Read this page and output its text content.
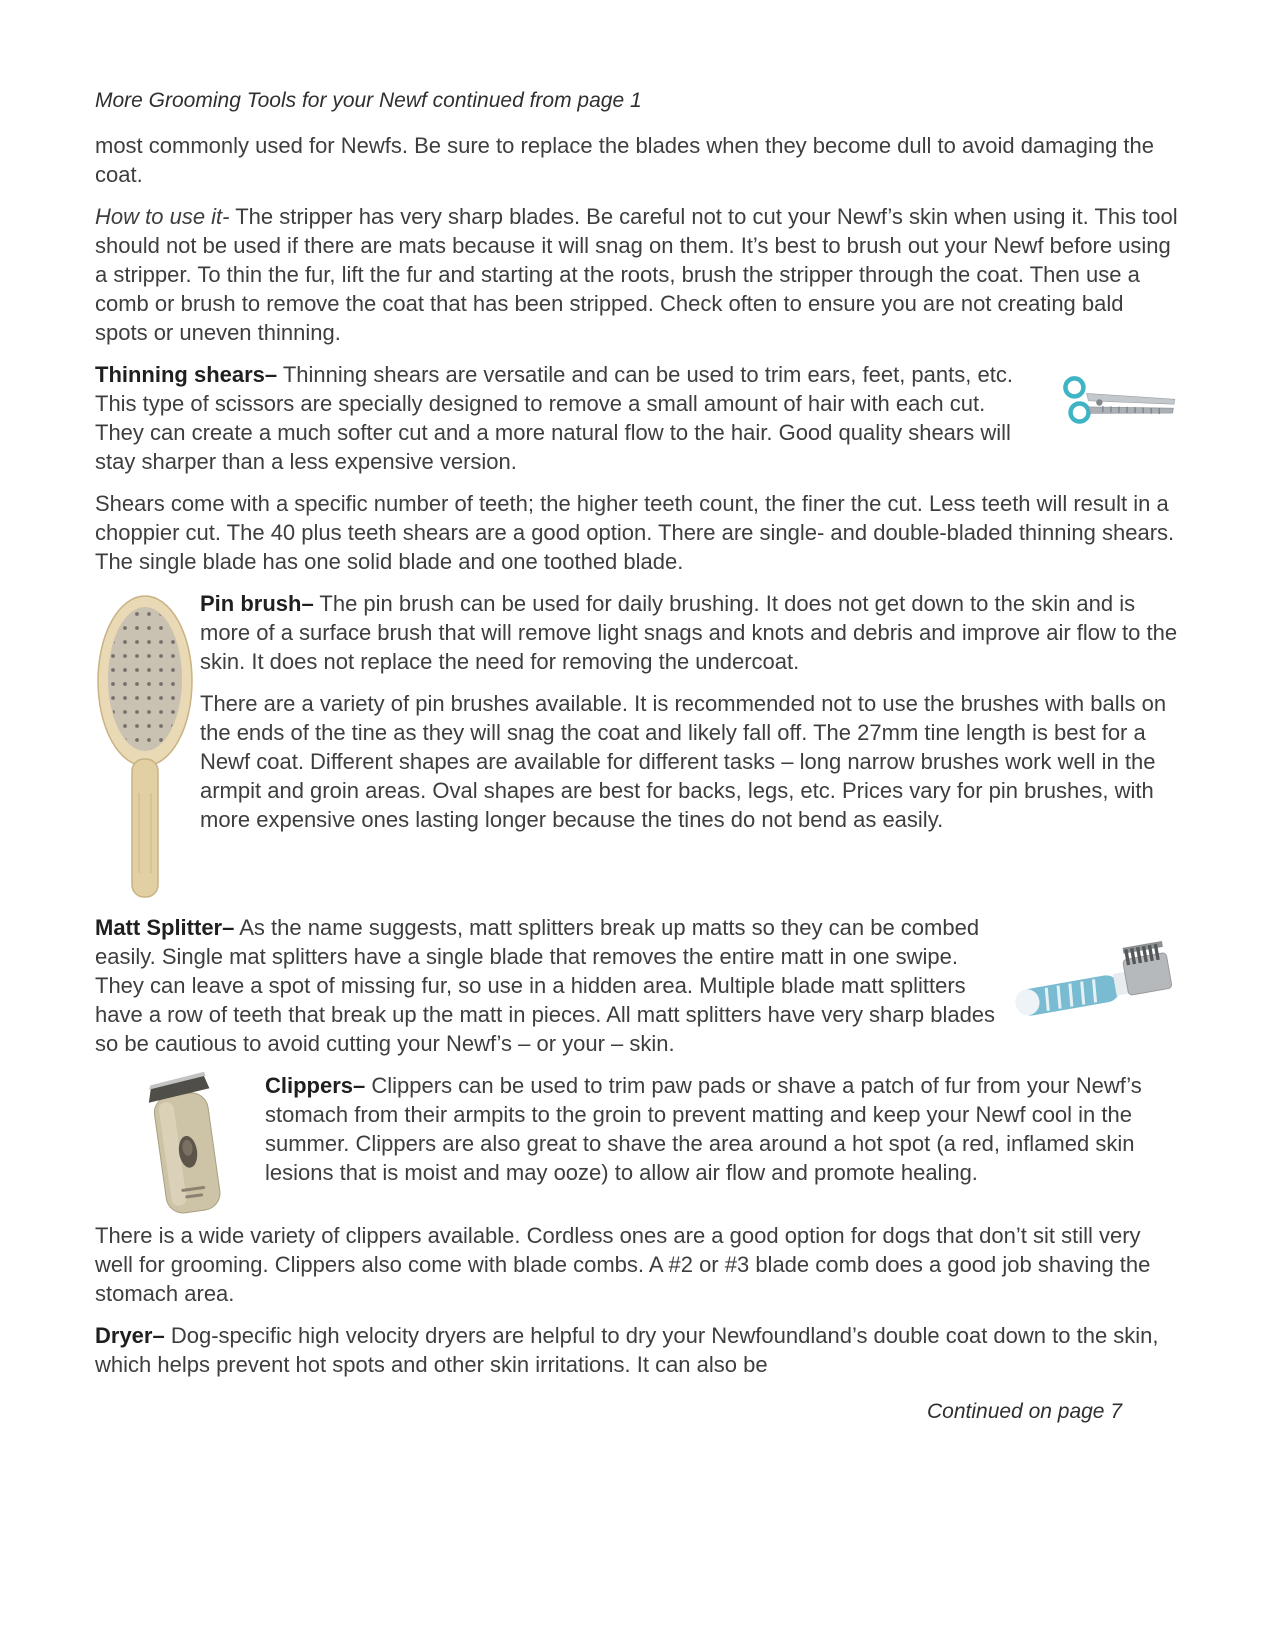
More Grooming Tools for your Newf continued from page 1

most commonly used for Newfs. Be sure to replace the blades when they become dull to avoid damaging the coat.

How to use it- The stripper has very sharp blades. Be careful not to cut your Newf’s skin when using it. This tool should not be used if there are mats because it will snag on them. It’s best to brush out your Newf before using a stripper. To thin the fur, lift the fur and starting at the roots, brush the stripper through the coat. Then use a comb or brush to remove the coat that has been stripped. Check often to ensure you are not creating bald spots or uneven thinning.

Thinning shears– Thinning shears are versatile and can be used to trim ears, feet, pants, etc. This type of scissors are specially designed to remove a small amount of hair with each cut. They can create a much softer cut and a more natural flow to the hair. Good quality shears will stay sharper than a less expensive version.

Shears come with a specific number of teeth; the higher teeth count, the finer the cut. Less teeth will result in a choppier cut. The 40 plus teeth shears are a good option. There are single- and double-bladed thinning shears. The single blade has one solid blade and one toothed blade.

Pin brush– The pin brush can be used for daily brushing. It does not get down to the skin and is more of a surface brush that will remove light snags and knots and debris and improve air flow to the skin. It does not replace the need for removing the undercoat.

There are a variety of pin brushes available. It is recommended not to use the brushes with balls on the ends of the tine as they will snag the coat and likely fall off. The 27mm tine length is best for a Newf coat. Different shapes are available for different tasks – long narrow brushes work well in the armpit and groin areas. Oval shapes are best for backs, legs, etc. Prices vary for pin brushes, with more expensive ones lasting longer because the tines do not bend as easily.

Matt Splitter– As the name suggests, matt splitters break up matts so they can be combed easily. Single mat splitters have a single blade that removes the entire matt in one swipe. They can leave a spot of missing fur, so use in a hidden area. Multiple blade matt splitters have a row of teeth that break up the matt in pieces. All matt splitters have very sharp blades so be cautious to avoid cutting your Newf’s – or your – skin.

Clippers– Clippers can be used to trim paw pads or shave a patch of fur from your Newf’s stomach from their armpits to the groin to prevent matting and keep your Newf cool in the summer. Clippers are also great to shave the area around a hot spot (a red, inflamed skin lesions that is moist and may ooze) to allow air flow and promote healing.

There is a wide variety of clippers available. Cordless ones are a good option for dogs that don’t sit still very well for grooming. Clippers also come with blade combs. A #2 or #3 blade comb does a good job shaving the stomach area.

Dryer– Dog-specific high velocity dryers are helpful to dry your Newfoundland’s double coat down to the skin, which helps prevent hot spots and other skin irritations. It can also be

Continued on page 7
